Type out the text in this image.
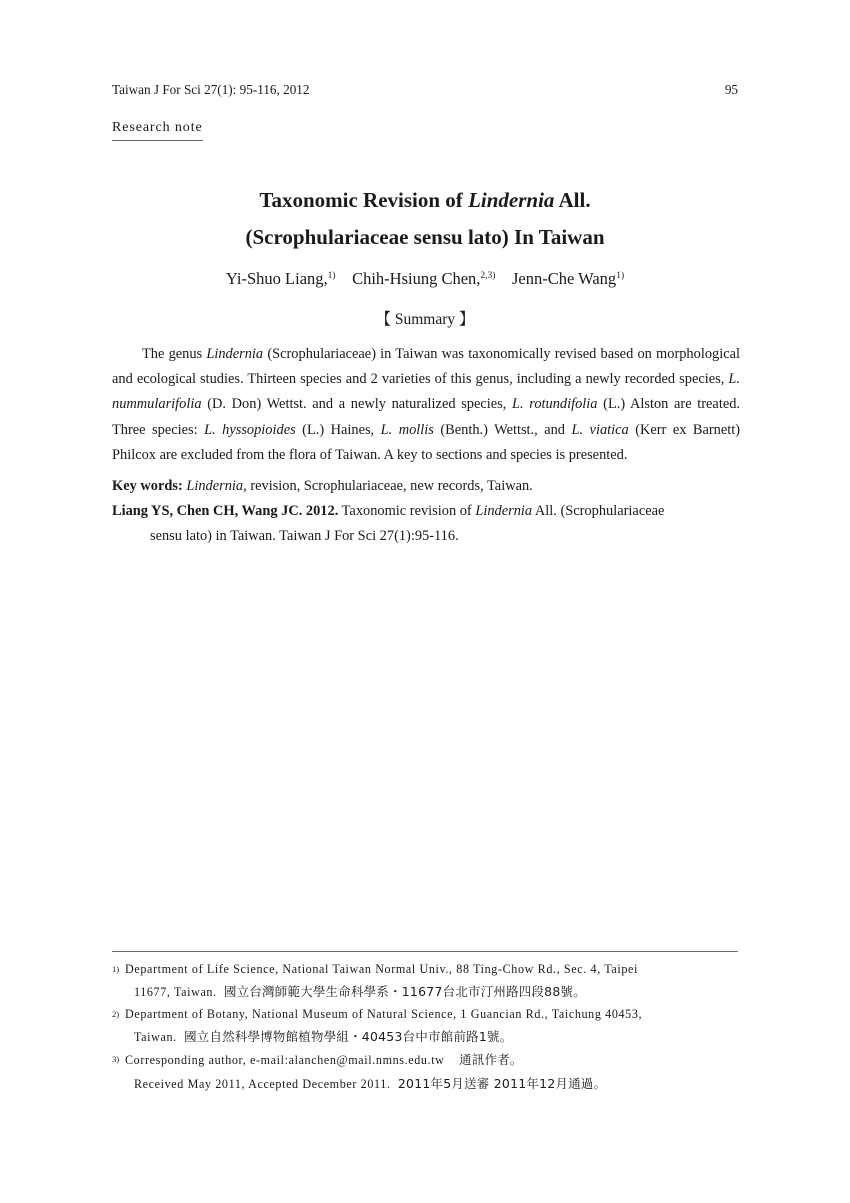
Taiwan J For Sci 27(1): 95-116, 2012	95
Research note
Taxonomic Revision of Lindernia All.
(Scrophulariaceae sensu lato) In Taiwan
Yi-Shuo Liang,$^{1)}$ Chih-Hsiung Chen,$^{2,3)}$ Jenn-Che Wang$^{1)}$
【 Summary 】

The genus Lindernia (Scrophulariaceae) in Taiwan was taxonomically revised based on morphological and ecological studies. Thirteen species and 2 varieties of this genus, including a newly recorded species, L. nummularifolia (D. Don) Wettst. and a newly naturalized species, L. rotundifolia (L.) Alston are treated. Three species: L. hyssopioides (L.) Haines, L. mollis (Benth.) Wettst., and L. viatica (Kerr ex Barnett) Philcox are excluded from the flora of Taiwan. A key to sections and species is presented.

Key words: Lindernia, revision, Scrophulariaceae, new records, Taiwan.
Liang YS, Chen CH, Wang JC. 2012. Taxonomic revision of Lindernia All. (Scrophulariaceae
sensu lato) in Taiwan. Taiwan J For Sci 27(1):95-116.
1) Department of Life Science, National Taiwan Normal Univ., 88 Ting-Chow Rd., Sec. 4, Taipei
11677, Taiwan. 國立台灣師範大學生命科學系・11677台北市汀州路四段88號。
2) Department of Botany, National Museum of Natural Science, 1 Guancian Rd., Taichung 40453,
Taiwan. 國立自然科學博物館植物學組・40453台中市館前路1號。
3) Corresponding author, e-mail:alanchen@mail.nmns.edu.tw 通訊作者。
Received May 2011, Accepted December 2011. 2011年5月送審 2011年12月通過。
